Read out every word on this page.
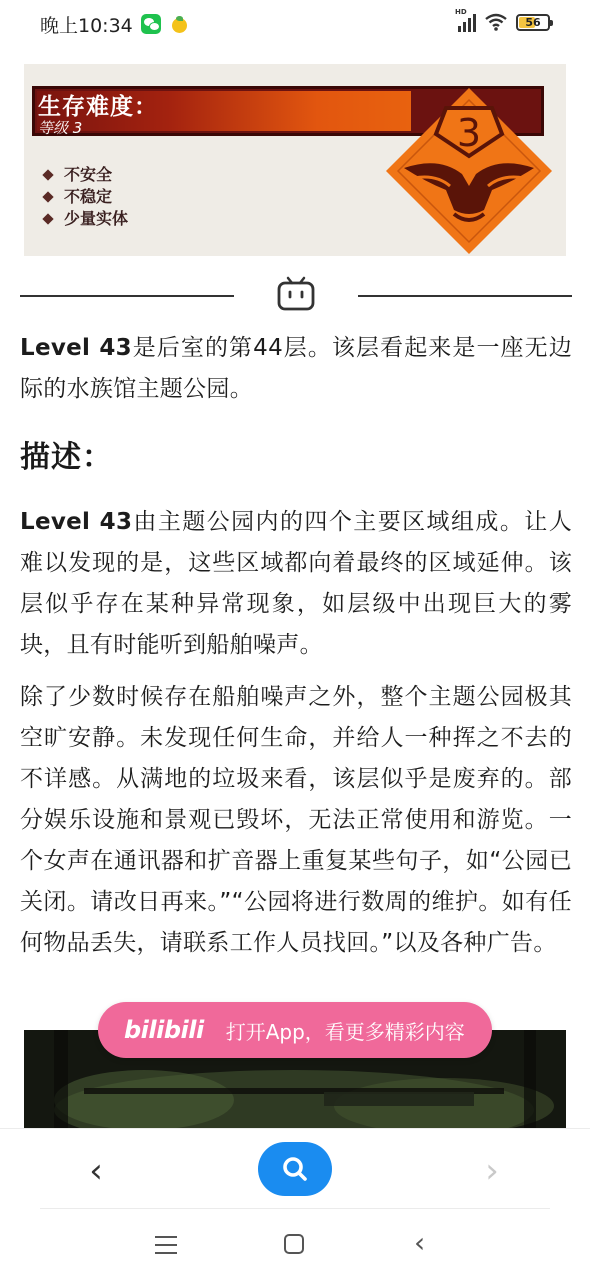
晚上10:34
HD
56
生存难度：
等级 3
不安全
不稳定
少量实体
3

Level 43是后室的第44层。该层看起来是一座无边际的水族馆主题公园。

描述：

Level 43由主题公园内的四个主要区域组成。让人难以发现的是，这些区域都向着最终的区域延伸。该层似乎存在某种异常现象，如层级中出现巨大的雾块，且有时能听到船舶噪声。

除了少数时候存在船舶噪声之外，整个主题公园极其空旷安静。未发现任何生命，并给人一种挥之不去的不详感。从满地的垃圾来看，该层似乎是废弃的。部分娱乐设施和景观已毁坏，无法正常使用和游览。一个女声在通讯器和扩音器上重复某些句子，如“公园已关闭。请改日再来。”“公园将进行数周的维护。如有任何物品丢失，请联系工作人员找回。”以及各种广告。

bilibili 打开App，看更多精彩内容
‹	›
‹
